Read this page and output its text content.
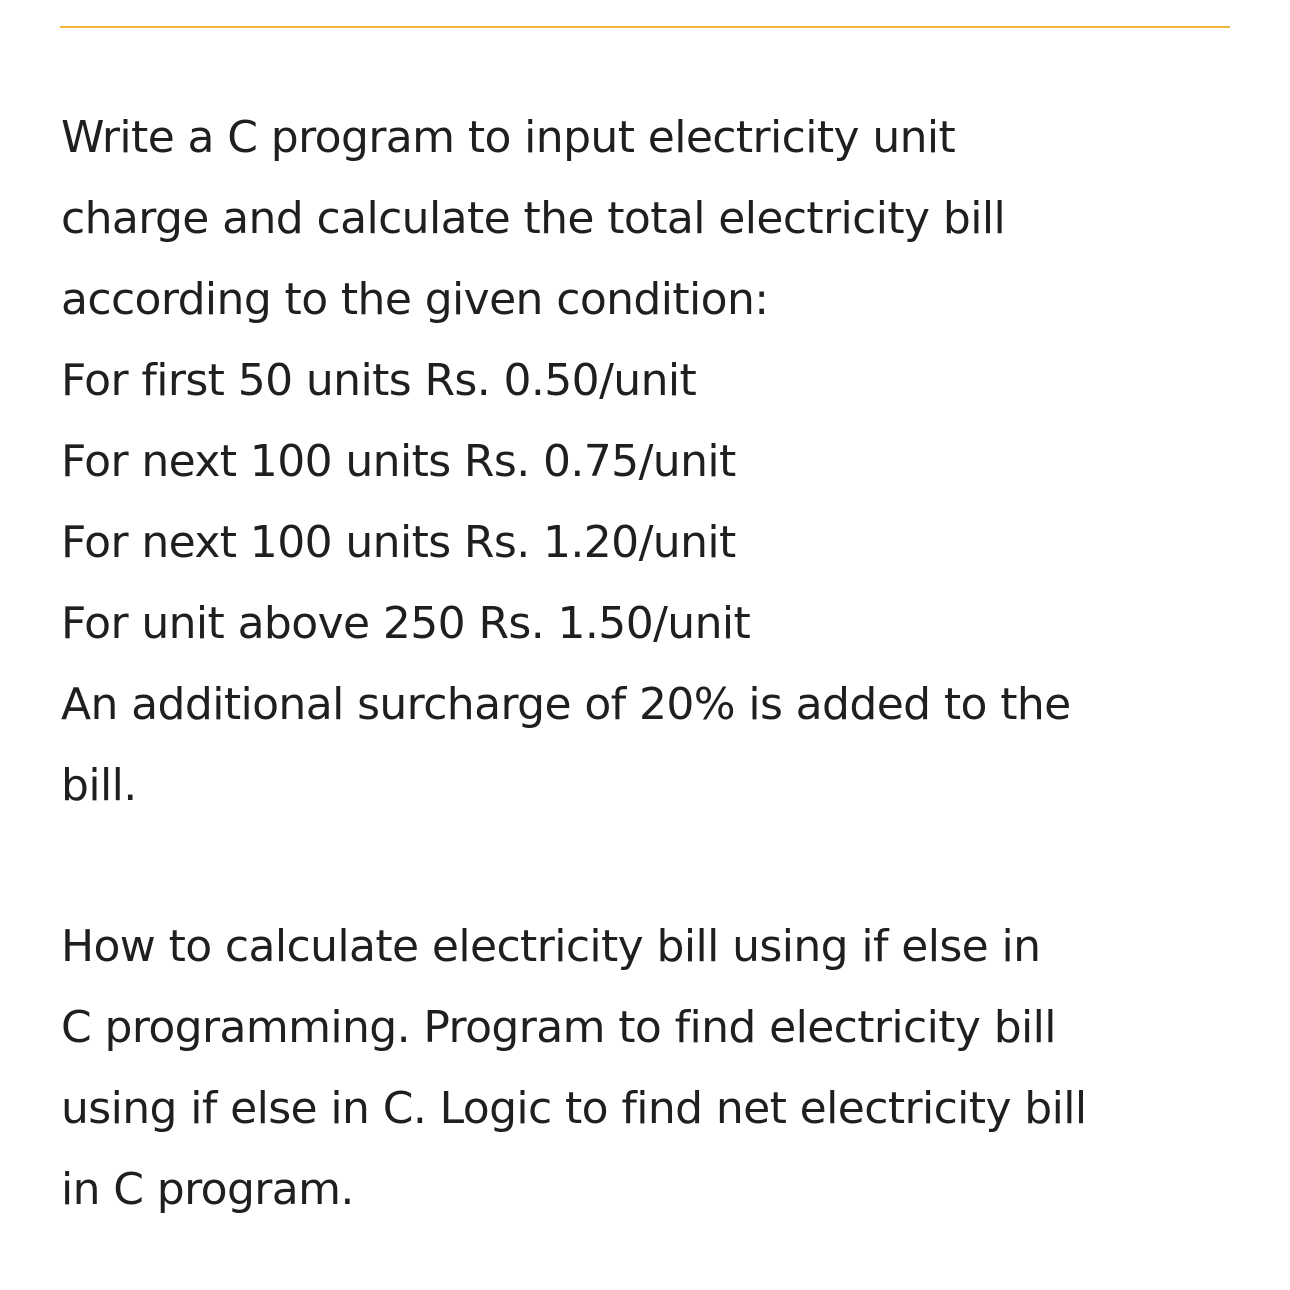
Write a C program to input electricity unit
charge and calculate the total electricity bill
according to the given condition:
For first 50 units Rs. 0.50/unit
For next 100 units Rs. 0.75/unit
For next 100 units Rs. 1.20/unit
For unit above 250 Rs. 1.50/unit
An additional surcharge of 20% is added to the
bill.
How to calculate electricity bill using if else in
C programming. Program to find electricity bill
using if else in C. Logic to find net electricity bill
in C program.
